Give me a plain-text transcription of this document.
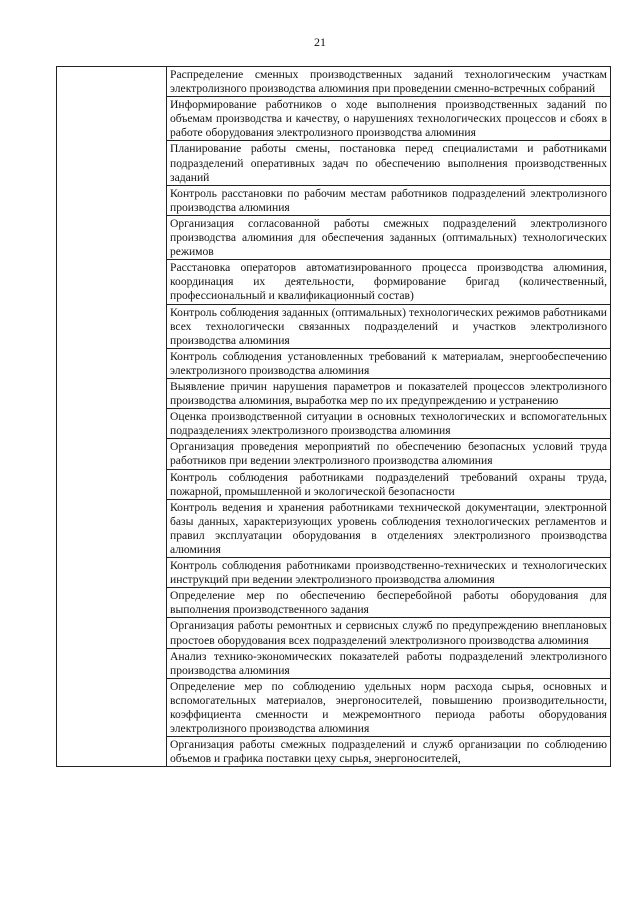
21
	Распределение сменных производственных заданий технологическим участкам электролизного производства алюминия при проведении сменно-встречных собраний
Информирование работников о ходе выполнения производственных заданий по объемам производства и качеству, о нарушениях технологических процессов и сбоях в работе оборудования электролизного производства алюминия
Планирование работы смены, постановка перед специалистами и работниками подразделений оперативных задач по обеспечению выполнения производственных заданий
Контроль расстановки по рабочим местам работников подразделений электролизного производства алюминия
Организация согласованной работы смежных подразделений электролизного производства алюминия для обеспечения заданных (оптимальных) технологических режимов
Расстановка операторов автоматизированного процесса производства алюминия, координация их деятельности, формирование бригад (количественный, профессиональный и квалификационный состав)
Контроль соблюдения заданных (оптимальных) технологических режимов работниками всех технологически связанных подразделений и участков электролизного производства алюминия
Контроль соблюдения установленных требований к материалам, энергообеспечению электролизного производства алюминия
Выявление причин нарушения параметров и показателей процессов электролизного производства алюминия, выработка мер по их предупреждению и устранению
Оценка производственной ситуации в основных технологических и вспомогательных подразделениях электролизного производства алюминия
Организация проведения мероприятий по обеспечению безопасных условий труда работников при ведении электролизного производства алюминия
Контроль соблюдения работниками подразделений требований охраны труда, пожарной, промышленной и экологической безопасности
Контроль ведения и хранения работниками технической документации, электронной базы данных, характеризующих уровень соблюдения технологических регламентов и правил эксплуатации оборудования в отделениях электролизного производства алюминия
Контроль соблюдения работниками производственно-технических и технологических инструкций при ведении электролизного производства алюминия
Определение мер по обеспечению бесперебойной работы оборудования для выполнения производственного задания
Организация работы ремонтных и сервисных служб по предупреждению внеплановых простоев оборудования всех подразделений электролизного производства алюминия
Анализ технико-экономических показателей работы подразделений электролизного производства алюминия
Определение мер по соблюдению удельных норм расхода сырья, основных и вспомогательных материалов, энергоносителей, повышению производительности, коэффициента сменности и межремонтного периода работы оборудования электролизного производства алюминия
Организация работы смежных подразделений и служб организации по соблюдению объемов и графика поставки цеху сырья, энергоносителей,
